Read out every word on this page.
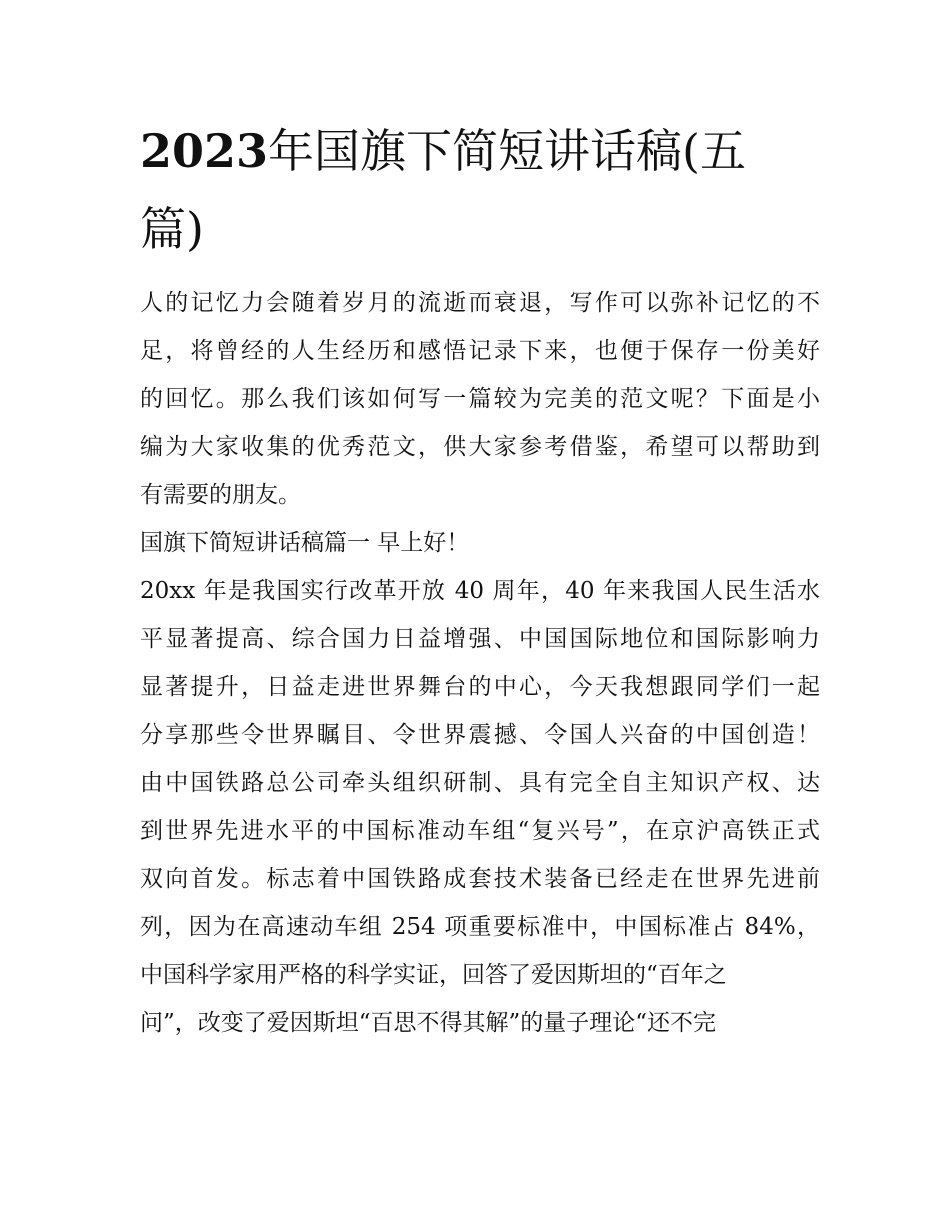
2023年国旗下简短讲话稿(五
篇)
人的记忆力会随着岁月的流逝而衰退，写作可以弥补记忆的不
足，将曾经的人生经历和感悟记录下来，也便于保存一份美好
的回忆。那么我们该如何写一篇较为完美的范文呢？下面是小
编为大家收集的优秀范文，供大家参考借鉴，希望可以帮助到
有需要的朋友。
国旗下简短讲话稿篇一 早上好！
20xx 年是我国实行改革开放 40 周年，40 年来我国人民生活水
平显著提高、综合国力日益增强、中国国际地位和国际影响力
显著提升，日益走进世界舞台的中心，今天我想跟同学们一起
分享那些令世界瞩目、令世界震撼、令国人兴奋的中国创造！
由中国铁路总公司牵头组织研制、具有完全自主知识产权、达
到世界先进水平的中国标准动车组“复兴号”，在京沪高铁正式
双向首发。标志着中国铁路成套技术装备已经走在世界先进前
列，因为在高速动车组 254 项重要标准中，中国标准占 84%，
中国科学家用严格的科学实证，回答了爱因斯坦的“百年之
问”，改变了爱因斯坦“百思不得其解”的量子理论“还不完
